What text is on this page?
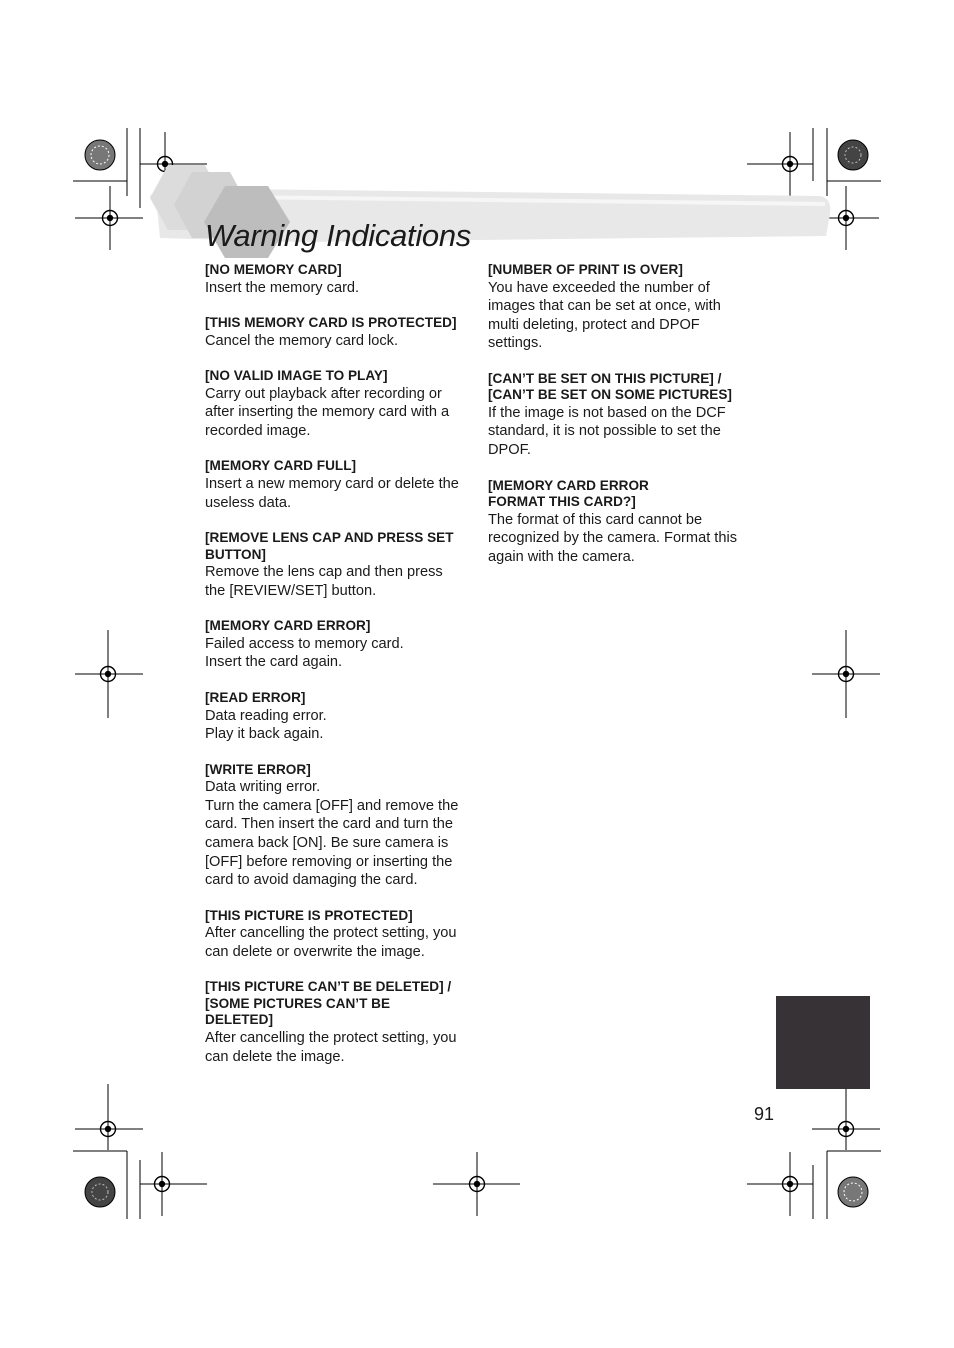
Warning Indications
[NO MEMORY CARD]
Insert the memory card.
[THIS MEMORY CARD IS PROTECTED]
Cancel the memory card lock.
[NO VALID IMAGE TO PLAY]
Carry out playback after recording or
after inserting the memory card with a
recorded image.
[MEMORY CARD FULL]
Insert a new memory card or delete the
useless data.
[REMOVE LENS CAP AND PRESS SET
BUTTON]
Remove the lens cap and then press
the [REVIEW/SET] button.
[MEMORY CARD ERROR]
Failed access to memory card.
Insert the card again.
[READ ERROR]
Data reading error.
Play it back again.
[WRITE ERROR]
Data writing error.
Turn the camera [OFF] and remove the
card. Then insert the card and turn the
camera back [ON]. Be sure camera is
[OFF] before removing or inserting the
card to avoid damaging the card.
[THIS PICTURE IS PROTECTED]
After cancelling the protect setting, you
can delete or overwrite the image.
[THIS PICTURE CAN’T BE DELETED] /
[SOME PICTURES CAN’T BE
DELETED]
After cancelling the protect setting, you
can delete the image.
[NUMBER OF PRINT IS OVER]
You have exceeded the number of
images that can be set at once, with
multi deleting, protect and DPOF
settings.
[CAN’T BE SET ON THIS PICTURE] /
[CAN’T BE SET ON SOME PICTURES]
If the image is not based on the DCF
standard, it is not possible to set the
DPOF.
[MEMORY CARD ERROR
FORMAT THIS CARD?]
The format of this card cannot be
recognized by the camera. Format this
again with the camera.
91
